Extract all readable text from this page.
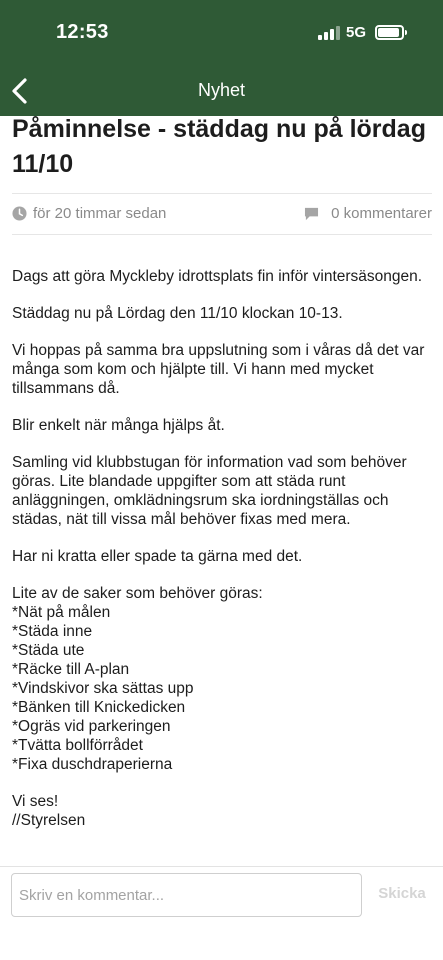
12:53	5G
Nyhet
Påminnelse - städdag nu på lördag 11/10
för 20 timmar sedan	0 kommentarer

Dags att göra Myckleby idrottsplats fin inför vintersäsongen.

Städdag nu på Lördag den 11/10 klockan 10-13.

Vi hoppas på samma bra uppslutning som i våras då det var många som kom och hjälpte till. Vi hann med mycket tillsammans då.

Blir enkelt när många hjälps åt.

Samling vid klubbstugan för information vad som behöver göras. Lite blandade uppgifter som att städa runt anläggningen, omklädningsrum ska iordningställas och städas, nät till vissa mål behöver fixas med mera.

Har ni kratta eller spade ta gärna med det.

Lite av de saker som behöver göras:
*Nät på målen
*Städa inne
*Städa ute
*Räcke till A-plan
*Vindskivor ska sättas upp
*Bänken till Knickedicken
*Ogräs vid parkeringen
*Tvätta bollförrådet
*Fixa duschdraperierna

Vi ses!
//Styrelsen

Skriv en kommentar...
Skicka
